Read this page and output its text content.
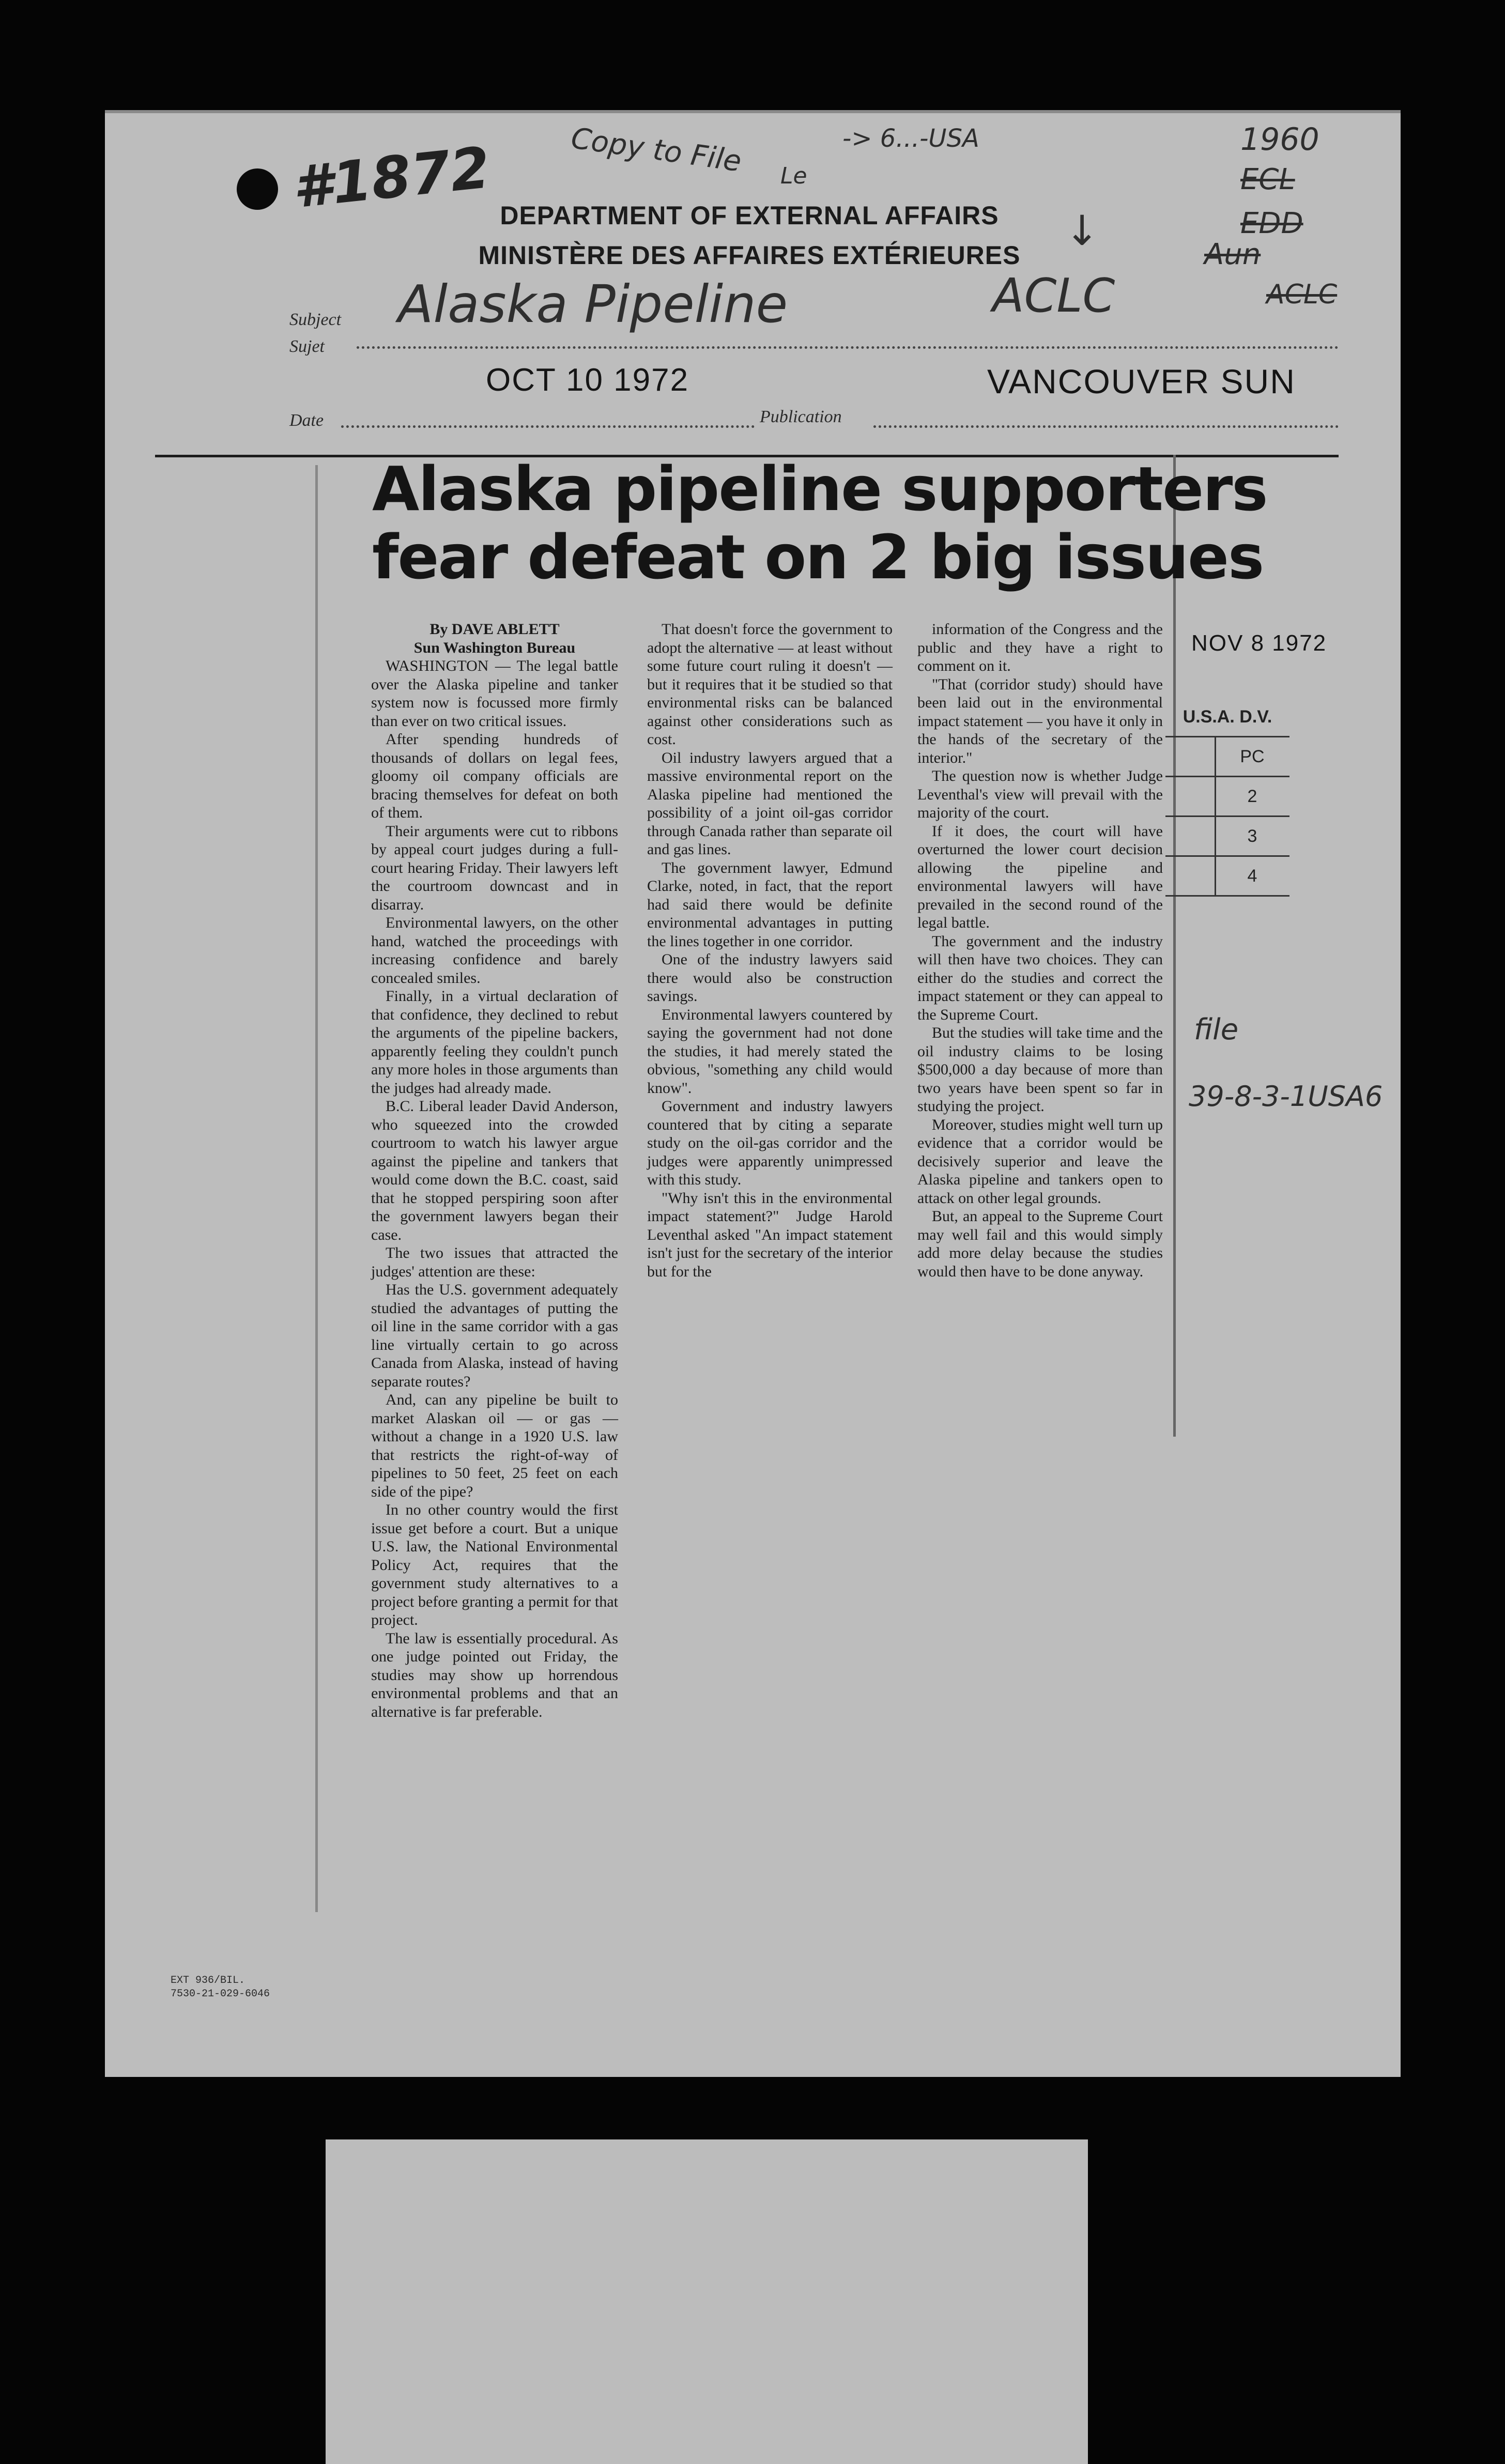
#1872	Copy to File Le
-> 6...-USA	1960
ECL
EDD
Aun
ACLC
↓
ACLC
DEPARTMENT OF EXTERNAL AFFAIRS
MINISTÈRE DES AFFAIRES EXTÉRIEURES
Subject
Sujet
Alaska Pipeline
OCT 10 1972	VANCOUVER SUN
Date	Publication
Alaska pipeline supporters
fear defeat on 2 big issues
By DAVE ABLETT
Sun Washington Bureau

WASHINGTON — The legal battle over the Alaska pipeline and tanker system now is focussed more firmly than ever on two critical issues.

After spending hundreds of thousands of dollars on legal fees, gloomy oil company officials are bracing themselves for defeat on both of them.

Their arguments were cut to ribbons by appeal court judges during a full-court hearing Friday. Their lawyers left the courtroom downcast and in disarray.

Environmental lawyers, on the other hand, watched the proceedings with increasing confidence and barely concealed smiles.

Finally, in a virtual declaration of that confidence, they declined to rebut the arguments of the pipeline backers, apparently feeling they couldn't punch any more holes in those arguments than the judges had already made.

B.C. Liberal leader David Anderson, who squeezed into the crowded courtroom to watch his lawyer argue against the pipeline and tankers that would come down the B.C. coast, said that he stopped perspiring soon after the government lawyers began their case.

The two issues that attracted the judges' attention are these:

Has the U.S. government adequately studied the advantages of putting the oil line in the same corridor with a gas line virtually certain to go across Canada from Alaska, instead of having separate routes?

And, can any pipeline be built to market Alaskan oil — or gas — without a change in a 1920 U.S. law that restricts the right-of-way of pipelines to 50 feet, 25 feet on each side of the pipe?

In no other country would the first issue get before a court. But a unique U.S. law, the National Environmental Policy Act, requires that the government study alternatives to a project before granting a permit for that project.

The law is essentially procedural. As one judge pointed out Friday, the studies may show up horrendous environmental problems and that an alternative is far preferable.

That doesn't force the government to adopt the alternative — at least without some future court ruling it doesn't — but it requires that it be studied so that environmental risks can be balanced against other considerations such as cost.

Oil industry lawyers argued that a massive environmental report on the Alaska pipeline had mentioned the possibility of a joint oil-gas corridor through Canada rather than separate oil and gas lines.

The government lawyer, Edmund Clarke, noted, in fact, that the report had said there would be definite environmental advantages in putting the lines together in one corridor.

One of the industry lawyers said there would also be construction savings.

Environmental lawyers countered by saying the government had not done the studies, it had merely stated the obvious, "something any child would know".

Government and industry lawyers countered that by citing a separate study on the oil-gas corridor and the judges were apparently unimpressed with this study.

"Why isn't this in the environmental impact statement?" Judge Harold Leventhal asked "An impact statement isn't just for the secretary of the interior but for the

information of the Congress and the public and they have a right to comment on it.

"That (corridor study) should have been laid out in the environmental impact statement — you have it only in the hands of the secretary of the interior."

The question now is whether Judge Leventhal's view will prevail with the majority of the court.

If it does, the court will have overturned the lower court decision allowing the pipeline and environmental lawyers will have prevailed in the second round of the legal battle.

The government and the industry will then have two choices. They can either do the studies and correct the impact statement or they can appeal to the Supreme Court.

But the studies will take time and the oil industry claims to be losing $500,000 a day because of more than two years have been spent so far in studying the project.

Moreover, studies might well turn up evidence that a corridor would be decisively superior and leave the Alaska pipeline and tankers open to attack on other legal grounds.

But, an appeal to the Supreme Court may well fail and this would simply add more delay because the studies would then have to be done anyway.

NOV 8 1972
U.S.A. D.V.
PC
2
3
4
file
39-8-3-1USA6
EXT 936/BIL.
7530-21-029-6046
